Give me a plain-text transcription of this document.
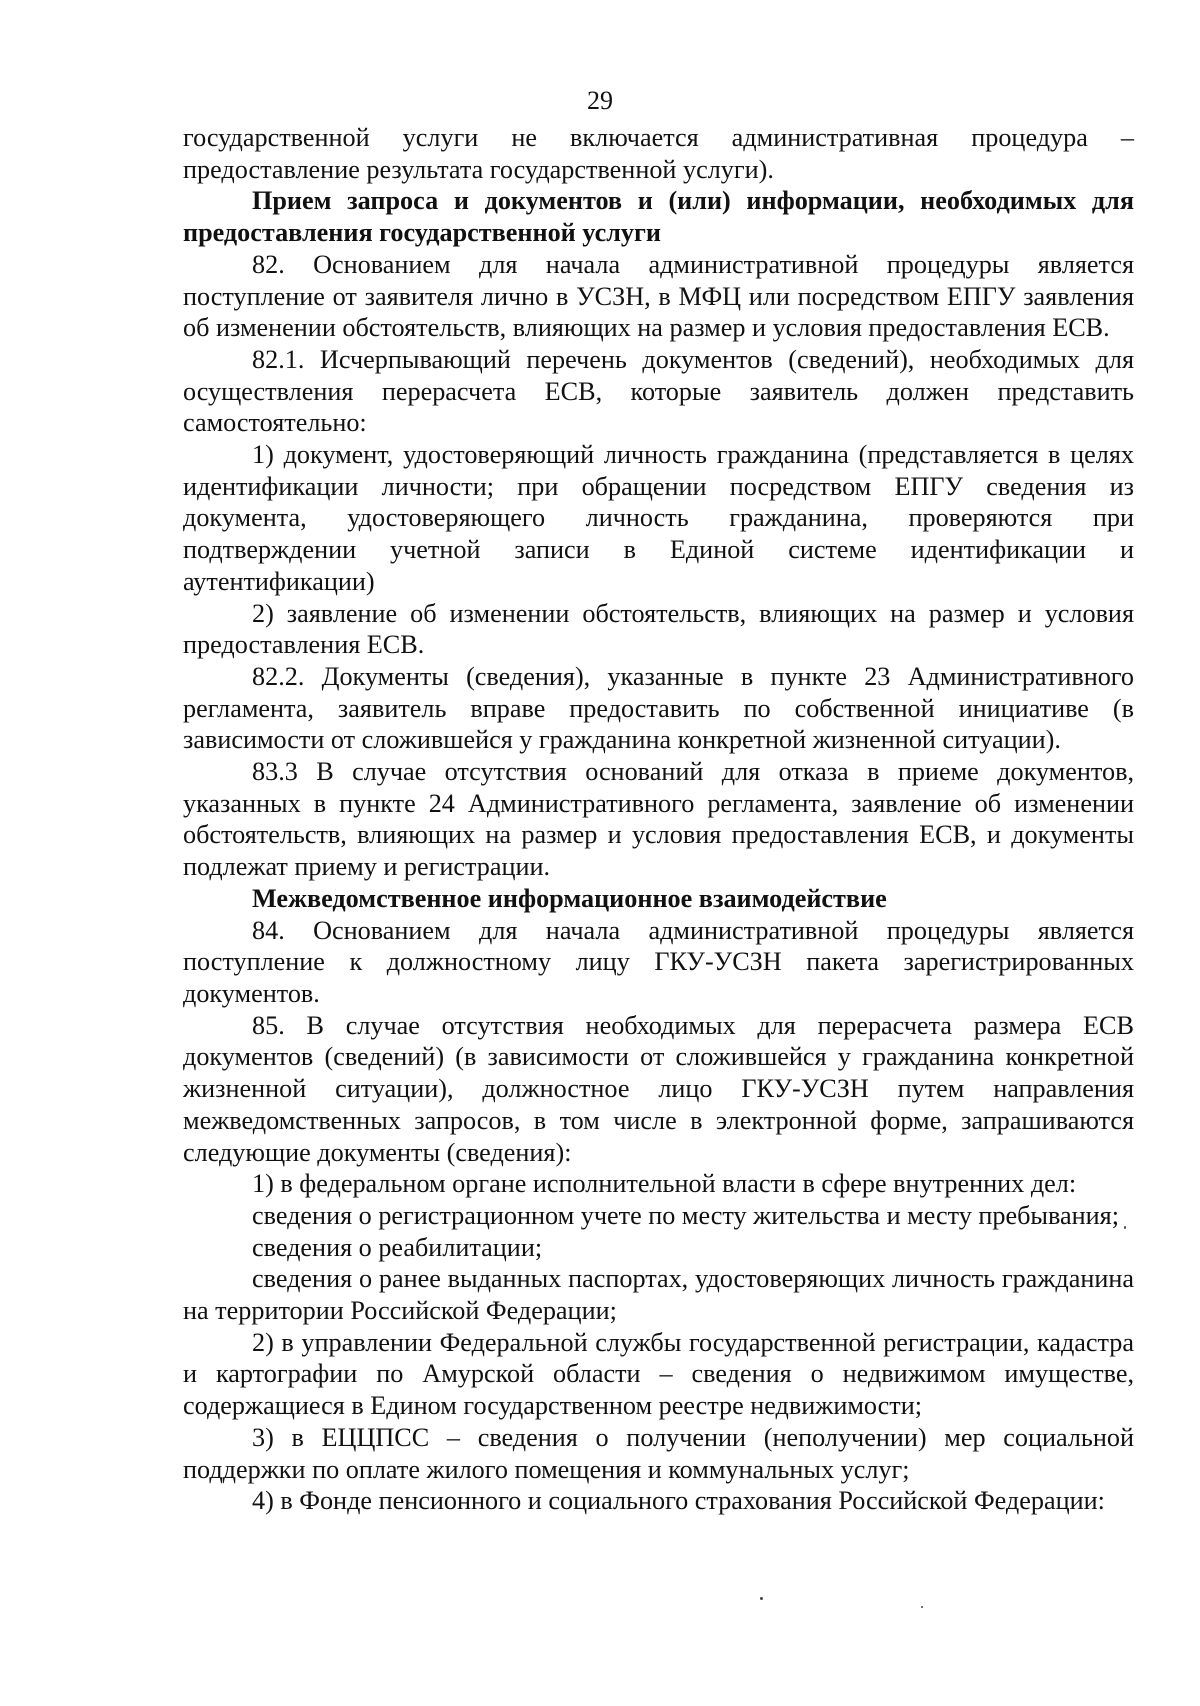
29

государственной услуги не включается административная процедура – предоставление результата государственной услуги).

Прием запроса и документов и (или) информации, необходимых для предоставления государственной услуги

82. Основанием для начала административной процедуры является поступление от заявителя лично в УСЗН, в МФЦ или посредством ЕПГУ заявления об изменении обстоятельств, влияющих на размер и условия предоставления ЕСВ.

82.1. Исчерпывающий перечень документов (сведений), необходимых для осуществления перерасчета ЕСВ, которые заявитель должен представить самостоятельно:

1) документ, удостоверяющий личность гражданина (представляется в целях идентификации личности; при обращении посредством ЕПГУ сведения из документа, удостоверяющего личность гражданина, проверяются при подтверждении учетной записи в Единой системе идентификации и аутентификации)

2) заявление об изменении обстоятельств, влияющих на размер и условия предоставления ЕСВ.

82.2. Документы (сведения), указанные в пункте 23 Административного регламента, заявитель вправе предоставить по собственной инициативе (в зависимости от сложившейся у гражданина конкретной жизненной ситуации).

83.3 В случае отсутствия оснований для отказа в приеме документов, указанных в пункте 24 Административного регламента, заявление об изменении обстоятельств, влияющих на размер и условия предоставления ЕСВ, и документы подлежат приему и регистрации.

Межведомственное информационное взаимодействие

84. Основанием для начала административной процедуры является поступление к должностному лицу ГКУ-УСЗН пакета зарегистрированных документов.

85. В случае отсутствия необходимых для перерасчета размера ЕСВ документов (сведений) (в зависимости от сложившейся у гражданина конкретной жизненной ситуации), должностное лицо ГКУ-УСЗН путем направления межведомственных запросов, в том числе в электронной форме, запрашиваются следующие документы (сведения):

1) в федеральном органе исполнительной власти в сфере внутренних дел:

сведения о регистрационном учете по месту жительства и месту пребывания;

сведения о реабилитации;

сведения о ранее выданных паспортах, удостоверяющих личность гражданина на территории Российской Федерации;

2) в управлении Федеральной службы государственной регистрации, кадастра и картографии по Амурской области – сведения о недвижимом имуществе, содержащиеся в Едином государственном реестре недвижимости;

3) в ЕЦЦПСС – сведения о получении (неполучении) мер социальной поддержки по оплате жилого помещения и коммунальных услуг;

4) в Фонде пенсионного и социального страхования Российской Федерации:
